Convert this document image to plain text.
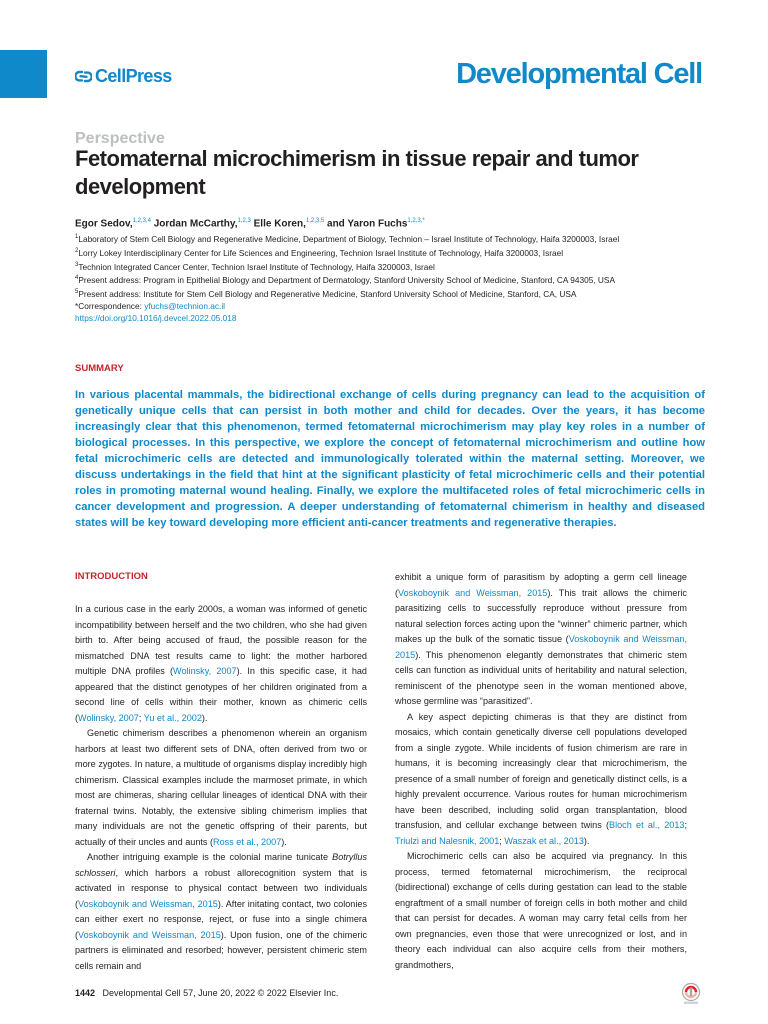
CellPress	Developmental Cell
Perspective
Fetomaternal microchimerism in tissue repair and tumor development
Egor Sedov,$^{1,2,3,4}$ Jordan McCarthy,$^{1,2,3}$ Elle Koren,$^{1,2,3,5}$ and Yaron Fuchs$^{1,2,3,*}$

$^1$Laboratory of Stem Cell Biology and Regenerative Medicine, Department of Biology, Technion – Israel Institute of Technology, Haifa 3200003, Israel

$^2$Lorry Lokey Interdisciplinary Center for Life Sciences and Engineering, Technion Israel Institute of Technology, Haifa 3200003, Israel

$^3$Technion Integrated Cancer Center, Technion Israel Institute of Technology, Haifa 3200003, Israel

$^4$Present address: Program in Epithelial Biology and Department of Dermatology, Stanford University School of Medicine, Stanford, CA 94305, USA

$^5$Present address: Institute for Stem Cell Biology and Regenerative Medicine, Stanford University School of Medicine, Stanford, CA, USA

*Correspondence: yfuchs@technion.ac.il

https://doi.org/10.1016/j.devcel.2022.05.018

SUMMARY
In various placental mammals, the bidirectional exchange of cells during pregnancy can lead to the acquisition of genetically unique cells that can persist in both mother and child for decades. Over the years, it has become increasingly clear that this phenomenon, termed fetomaternal microchimerism may play key roles in a number of biological processes. In this perspective, we explore the concept of fetomaternal microchimerism and outline how fetal microchimeric cells are detected and immunologically tolerated within the maternal setting. Moreover, we discuss undertakings in the field that hint at the significant plasticity of fetal microchimeric cells and their potential roles in promoting maternal wound healing. Finally, we explore the multifaceted roles of fetal microchimeric cells in cancer development and progression. A deeper understanding of fetomaternal chimerism in healthy and diseased states will be key toward developing more efficient anti-cancer treatments and regenerative therapies.
INTRODUCTION

In a curious case in the early 2000s, a woman was informed of genetic incompatibility between herself and the two children, who she had given birth to. After being accused of fraud, the possible reason for the mismatched DNA test results came to light: the mother harbored multiple DNA profiles (Wolinsky, 2007). In this specific case, it had appeared that the distinct genotypes of her children originated from a second line of cells within their mother, known as chimeric cells (Wolinsky, 2007; Yu et al., 2002).

Genetic chimerism describes a phenomenon wherein an organism harbors at least two different sets of DNA, often derived from two or more zygotes. In nature, a multitude of organisms display incredibly high chimerism. Classical examples include the marmoset primate, in which most are chimeras, sharing cellular lineages of identical DNA with their fraternal twins. Notably, the extensive sibling chimerism implies that many individuals are not the genetic offspring of their parents, but actually of their uncles and aunts (Ross et al., 2007).

Another intriguing example is the colonial marine tunicate Botryllus schlosseri, which harbors a robust allorecognition system that is activated in response to physical contact between two individuals (Voskoboynik and Weissman, 2015). After initating contact, two colonies can either exert no response, reject, or fuse into a single chimera (Voskoboynik and Weissman, 2015). Upon fusion, one of the chimeric partners is eliminated and resorbed; however, persistent chimeric stem cells remain and

exhibit a unique form of parasitism by adopting a germ cell lineage (Voskoboynik and Weissman, 2015). This trait allows the chimeric parasitizing cells to successfully reproduce without pressure from natural selection forces acting upon the “winner” chimeric partner, which makes up the bulk of the somatic tissue (Voskoboynik and Weissman, 2015). This phenomenon elegantly demonstrates that chimeric stem cells can function as individual units of heritability and natural selection, reminiscent of the phenotype seen in the woman mentioned above, whose germline was “parasitized”.

A key aspect depicting chimeras is that they are distinct from mosaics, which contain genetically diverse cell populations developed from a single zygote. While incidents of fusion chimerism are rare in humans, it is becoming increasingly clear that microchimerism, the presence of a small number of foreign and genetically distinct cells, is a highly prevalent occurrence. Various routes for human microchimerism have been described, including solid organ transplantation, blood transfusion, and cellular exchange between twins (Bloch et al., 2013; Triulzi and Nalesnik, 2001; Waszak et al., 2013).

Microchimeric cells can also be acquired via pregnancy. In this process, termed fetomaternal microchimerism, the reciprocal (bidirectional) exchange of cells during gestation can lead to the stable engraftment of a small number of foreign cells in both mother and child that can persist for decades. A woman may carry fetal cells from her own pregnancies, even those that were unrecognized or lost, and in theory each individual can also acquire cells from their mothers, grandmothers,

1442 Developmental Cell 57, June 20, 2022 © 2022 Elsevier Inc.
